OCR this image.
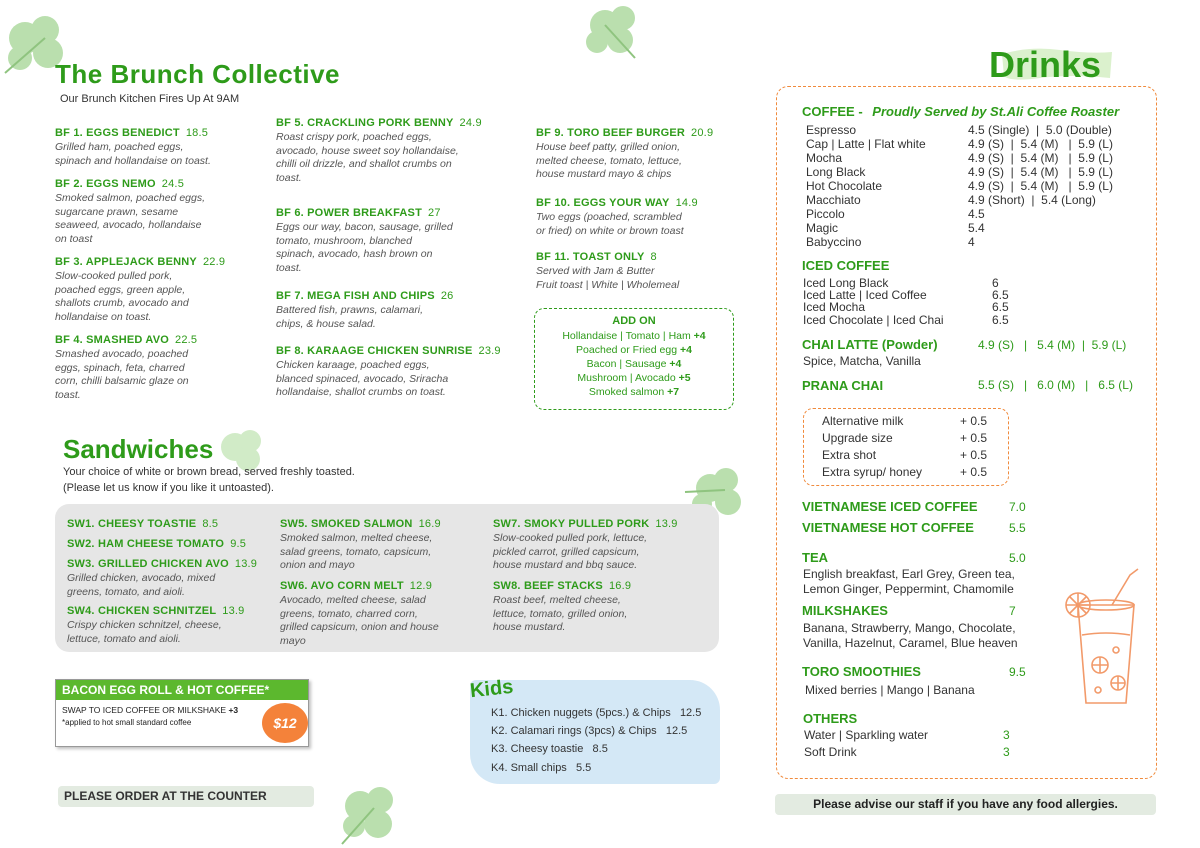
The Brunch Collective
Our Brunch Kitchen Fires Up At 9AM
BF 1. EGGS BENEDICT 18.5
Grilled ham, poached eggs,
spinach and hollandaise on toast.
BF 2. EGGS NEMO 24.5
Smoked salmon, poached eggs,
sugarcane prawn, sesame
seaweed, avocado, hollandaise
on toast
BF 3. APPLEJACK BENNY 22.9
Slow-cooked pulled pork,
poached eggs, green apple,
shallots crumb, avocado and
hollandaise on toast.
BF 4. SMASHED AVO 22.5
Smashed avocado, poached
eggs, spinach, feta, charred
corn, chilli balsamic glaze on
toast.
BF 5. CRACKLING PORK BENNY 24.9
Roast crispy pork, poached eggs,
avocado, house sweet soy hollandaise,
chilli oil drizzle, and shallot crumbs on
toast.
BF 6. POWER BREAKFAST 27
Eggs our way, bacon, sausage, grilled
tomato, mushroom, blanched
spinach, avocado, hash brown on
toast.
BF 7. MEGA FISH AND CHIPS 26
Battered fish, prawns, calamari,
chips, & house salad.
BF 8. KARAAGE CHICKEN SUNRISE 23.9
Chicken karaage, poached eggs,
blanced spinaced, avocado, Sriracha
hollandaise, shallot crumbs on toast.
BF 9. TORO BEEF BURGER 20.9
House beef patty, grilled onion,
melted cheese, tomato, lettuce,
house mustard mayo & chips
BF 10. EGGS YOUR WAY 14.9
Two eggs (poached, scrambled
or fried) on white or brown toast
BF 11. TOAST ONLY 8
Served with Jam & Butter
Fruit toast | White | Wholemeal
ADD ON
Hollandaise | Tomato | Ham +4
Poached or Fried egg +4
Bacon | Sausage +4
Mushroom | Avocado +5
Smoked salmon +7
Sandwiches
Your choice of white or brown bread, served freshly toasted.
(Please let us know if you like it untoasted).
SW1. CHEESY TOASTIE 8.5
SW2. HAM CHEESE TOMATO 9.5
SW3. GRILLED CHICKEN AVO 13.9
Grilled chicken, avocado, mixed
greens, tomato, and aioli.
SW4. CHICKEN SCHNITZEL 13.9
Crispy chicken schnitzel, cheese,
lettuce, tomato and aioli.
SW5. SMOKED SALMON 16.9
Smoked salmon, melted cheese,
salad greens, tomato, capsicum,
onion and mayo
SW6. AVO CORN MELT 12.9
Avocado, melted cheese, salad
greens, tomato, charred corn,
grilled capsicum, onion and house
mayo
SW7. SMOKY PULLED PORK 13.9
Slow-cooked pulled pork, lettuce,
pickled carrot, grilled capsicum,
house mustard and bbq sauce.
SW8. BEEF STACKS 16.9
Roast beef, melted cheese,
lettuce, tomato, grilled onion,
house mustard.
BACON EGG ROLL & HOT COFFEE*
SWAP TO ICED COFFEE OR MILKSHAKE +3
*applied to hot small standard coffee	$12
Kids
K1. Chicken nuggets (5pcs.) & Chips 12.5
K2. Calamari rings (3pcs) & Chips 12.5
K3. Cheesy toastie 8.5
K4. Small chips 5.5
PLEASE ORDER AT THE COUNTER
Drinks
COFFEE - Proudly Served by St.Ali Coffee Roaster
Espresso	4.5 (Single)  |  5.0 (Double)
Cap | Latte | Flat white	4.9 (S)  |  5.4 (M)   |  5.9 (L)
Mocha	4.9 (S)  |  5.4 (M)   |  5.9 (L)
Long Black	4.9 (S)  |  5.4 (M)   |  5.9 (L)
Hot Chocolate	4.9 (S)  |  5.4 (M)   |  5.9 (L)
Macchiato	4.9 (Short)  |  5.4 (Long)
Piccolo	4.5
Magic	5.4
Babyccino	4
ICED COFFEE
Iced Long Black	6
Iced Latte | Iced Coffee	6.5
Iced Mocha	6.5
Iced Chocolate | Iced Chai	6.5
CHAI LATTE (Powder)	4.9 (S)   |   5.4 (M)  |  5.9 (L)
Spice, Matcha, Vanilla
PRANA CHAI	5.5 (S)   |   6.0 (M)   |   6.5 (L)
Alternative milk	+ 0.5
Upgrade size	+ 0.5
Extra shot	+ 0.5
Extra syrup/ honey	+ 0.5
VIETNAMESE ICED COFFEE	7.0
VIETNAMESE HOT COFFEE	5.5
TEA	5.0
English breakfast, Earl Grey, Green tea,
Lemon Ginger, Peppermint, Chamomile
MILKSHAKES	7
Banana, Strawberry, Mango, Chocolate,
Vanilla, Hazelnut, Caramel, Blue heaven
TORO SMOOTHIES	9.5
Mixed berries | Mango | Banana
OTHERS
Water | Sparkling water	3
Soft Drink	3
Please advise our staff if you have any food allergies.
